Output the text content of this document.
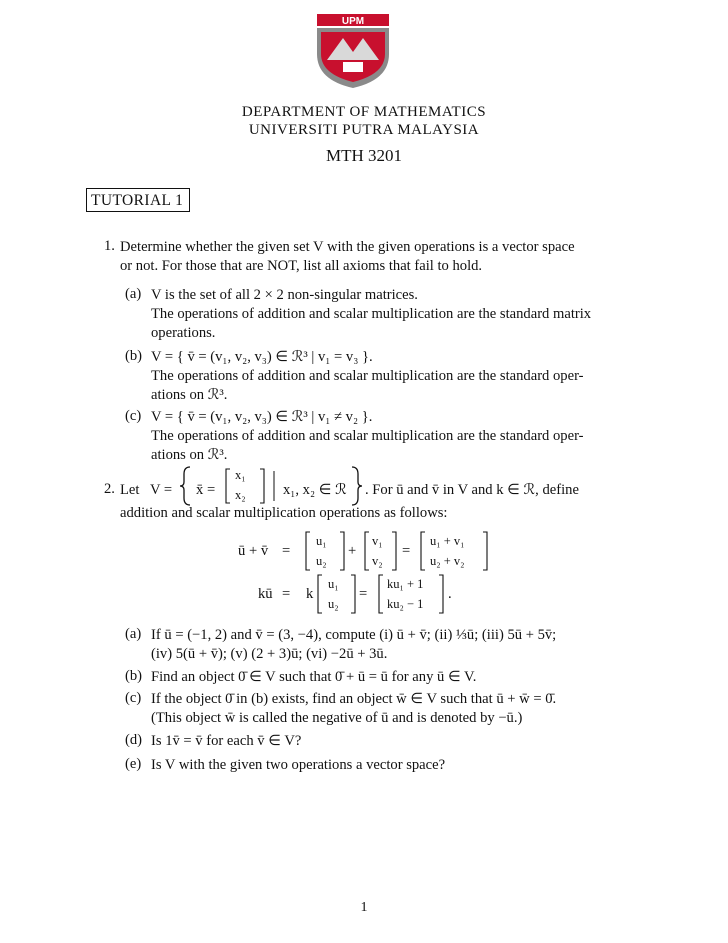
UPM
DEPARTMENT OF MATHEMATICS
UNIVERSITI PUTRA MALAYSIA
MTH 3201
TUTORIAL 1
1. Determine whether the given set V with the given operations is a vector space
or not. For those that are NOT, list all axioms that fail to hold.
(a) V is the set of all 2 × 2 non-singular matrices.
The operations of addition and scalar multiplication are the standard matrix
operations.
(b) V = { v̄ = (v₁, v₂, v₃) ∈ ℛ³ | v₁ = v₃ }.
The operations of addition and scalar multiplication are the standard oper-
ations on ℛ³.
(c) V = { v̄ = (v₁, v₂, v₃) ∈ ℛ³ | v₁ ≠ v₂ }.
The operations of addition and scalar multiplication are the standard oper-
ations on ℛ³.
2. Let V = x̄ =
x₁
x₂	x₁, x₂ ∈ ℛ . For ū and v̄ in V and k ∈ ℛ, define
addition and scalar multiplication operations as follows:
ū + v̄ =
u₁
u₂
+
v₁
v₂
=
u₁ + v₁
u₂ + v₂
kū = k
u₁
u₂
=
ku₁ + 1
ku₂ − 1
.
(a) If ū = (−1, 2) and v̄ = (3, −4), compute (i) ū + v̄; (ii) ⅓ū; (iii) 5ū + 5v̄;
(iv) 5(ū + v̄); (v) (2 + 3)ū; (vi) −2ū + 3ū.
(b) Find an object 0̄ ∈ V such that 0̄ + ū = ū for any ū ∈ V.
(c) If the object 0̄ in (b) exists, find an object w̄ ∈ V such that ū + w̄ = 0̄.
(This object w̄ is called the negative of ū and is denoted by −ū.)
(d) Is 1v̄ = v̄ for each v̄ ∈ V?
(e) Is V with the given two operations a vector space?
1
